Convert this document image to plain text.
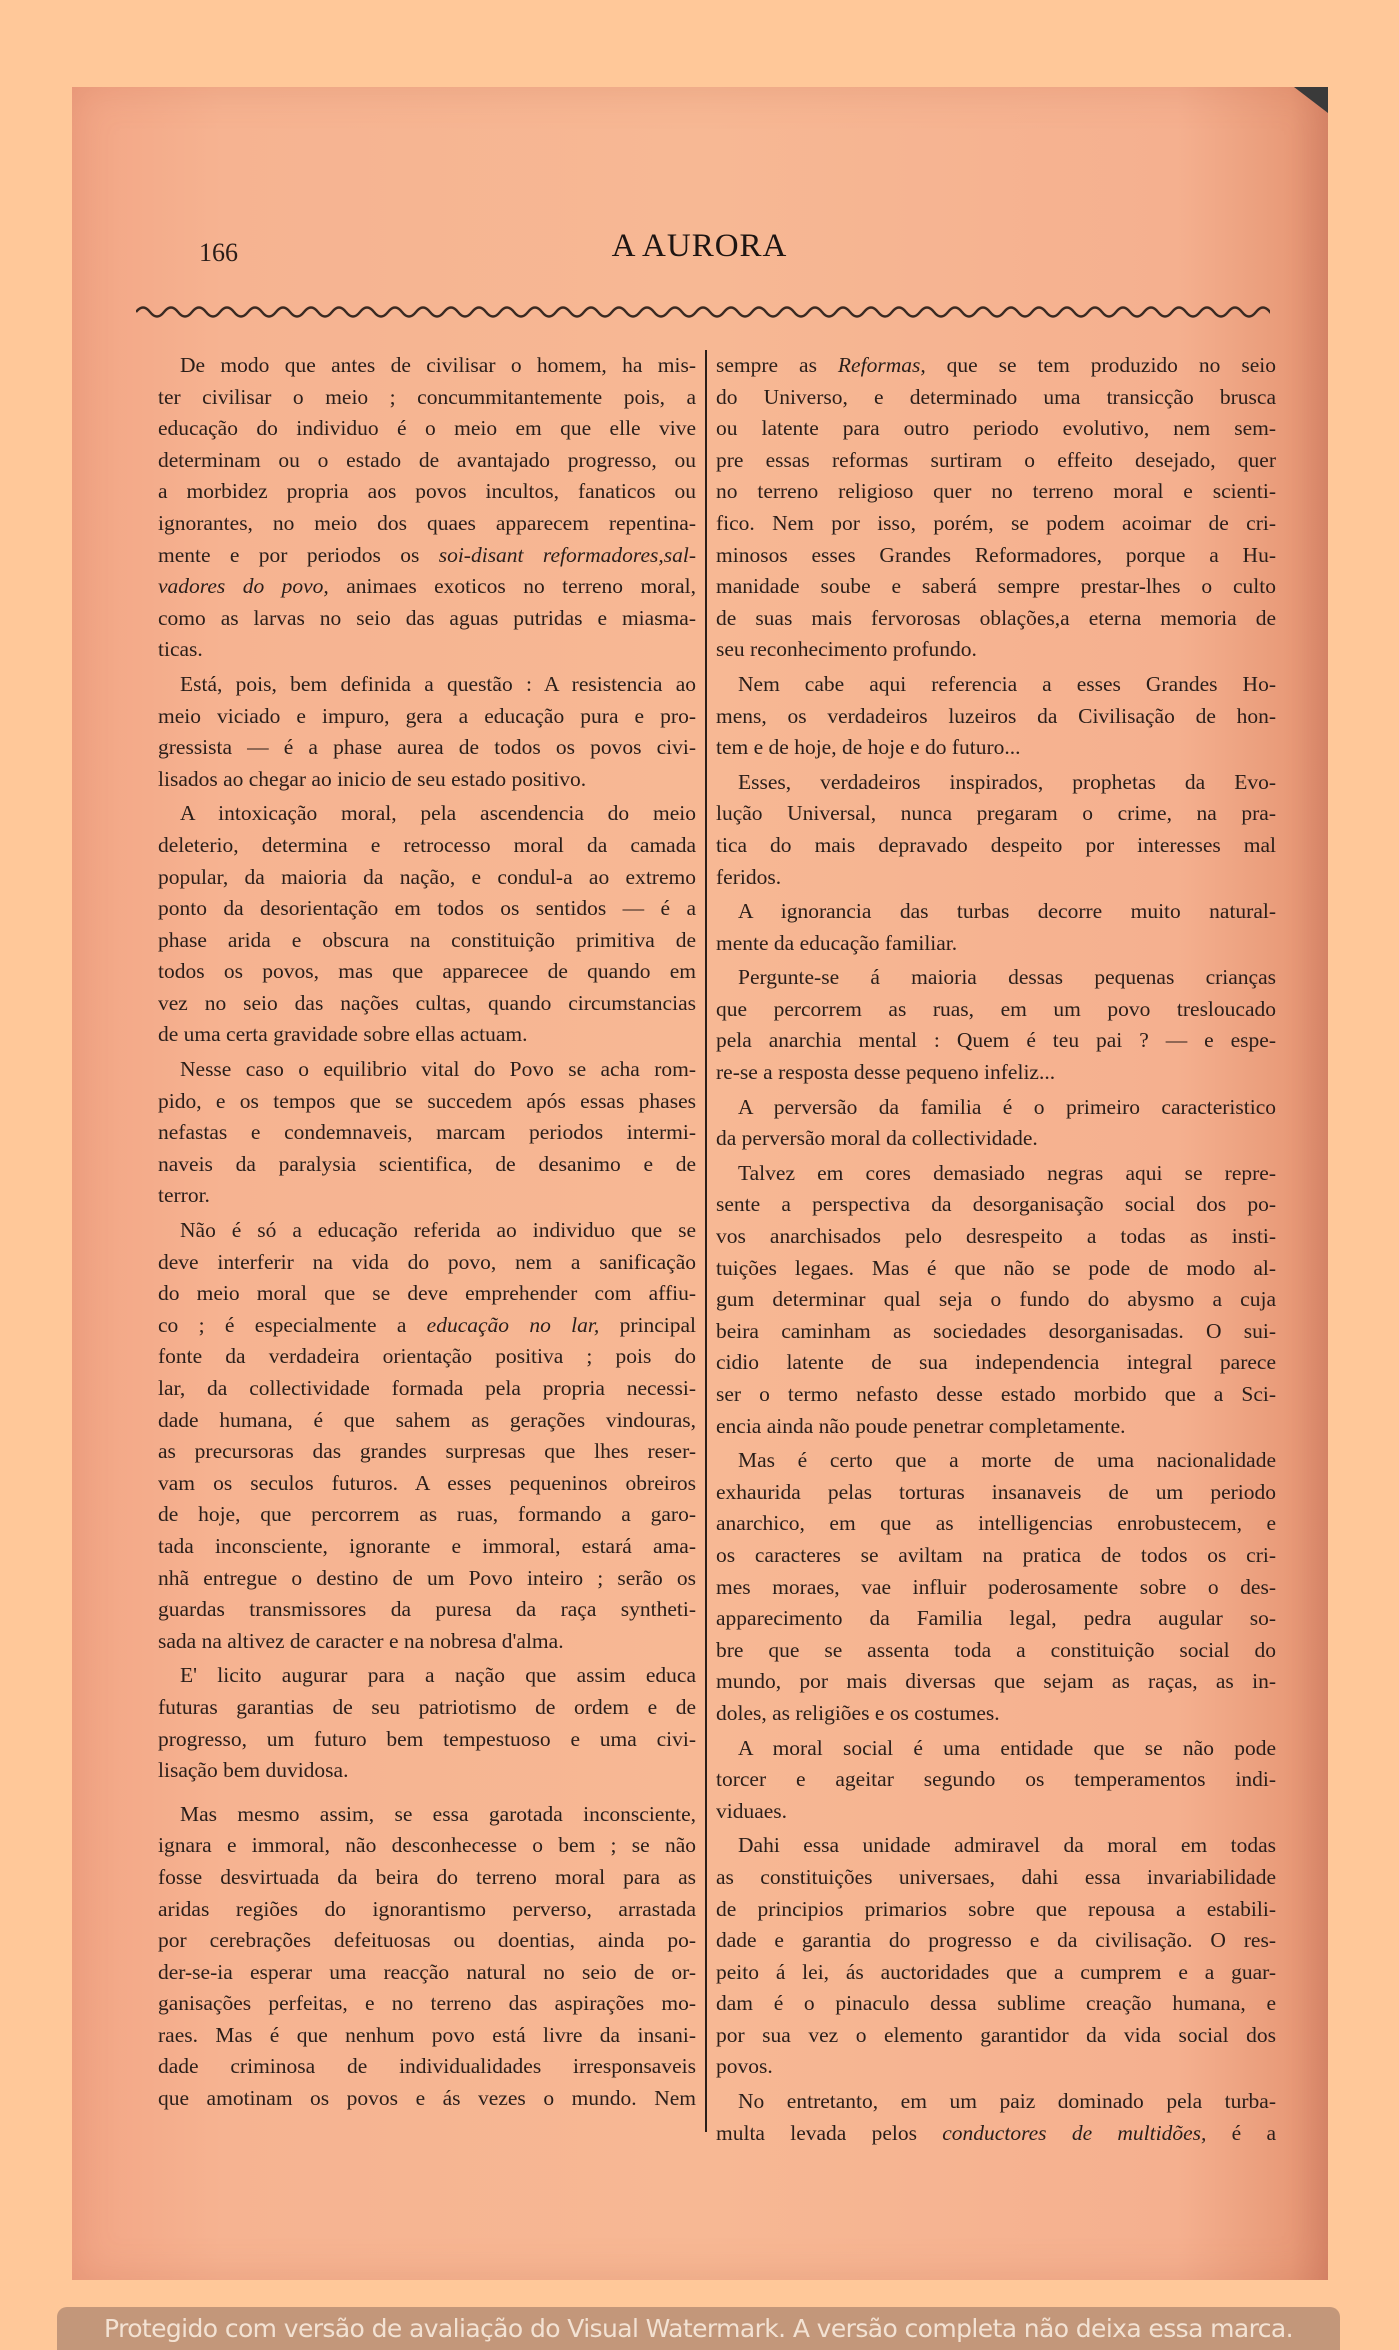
166	A AURORA
De modo que antes de civilisar o homem, ha mis-
ter civilisar o meio ; concummitantemente pois, a
educação do individuo é o meio em que elle vive
determinam ou o estado de avantajado progresso, ou
a morbidez propria aos povos incultos, fanaticos ou
ignorantes, no meio dos quaes apparecem repentina-
mente e por periodos os soi-disant reformadores,sal-
vadores do povo, animaes exoticos no terreno moral,
como as larvas no seio das aguas putridas e miasma-
ticas.
Está, pois, bem definida a questão : A resistencia ao
meio viciado e impuro, gera a educação pura e pro-
gressista — é a phase aurea de todos os povos civi-
lisados ao chegar ao inicio de seu estado positivo.
A intoxicação moral, pela ascendencia do meio
deleterio, determina e retrocesso moral da camada
popular, da maioria da nação, e condul-a ao extremo
ponto da desorientação em todos os sentidos — é a
phase arida e obscura na constituição primitiva de
todos os povos, mas que apparecee de quando em
vez no seio das nações cultas, quando circumstancias
de uma certa gravidade sobre ellas actuam.
Nesse caso o equilibrio vital do Povo se acha rom-
pido, e os tempos que se succedem após essas phases
nefastas e condemnaveis, marcam periodos intermi-
naveis da paralysia scientifica, de desanimo e de
terror.
Não é só a educação referida ao individuo que se
deve interferir na vida do povo, nem a sanificação
do meio moral que se deve emprehender com affiu-
co ; é especialmente a educação no lar, principal
fonte da verdadeira orientação positiva ; pois do
lar, da collectividade formada pela propria necessi-
dade humana, é que sahem as gerações vindouras,
as precursoras das grandes surpresas que lhes reser-
vam os seculos futuros. A esses pequeninos obreiros
de hoje, que percorrem as ruas, formando a garo-
tada inconsciente, ignorante e immoral, estará ama-
nhã entregue o destino de um Povo inteiro ; serão os
guardas transmissores da puresa da raça syntheti-
sada na altivez de caracter e na nobresa d'alma.
E' licito augurar para a nação que assim educa
futuras garantias de seu patriotismo de ordem e de
progresso, um futuro bem tempestuoso e uma civi-
lisação bem duvidosa.
Mas mesmo assim, se essa garotada inconsciente,
ignara e immoral, não desconhecesse o bem ; se não
fosse desvirtuada da beira do terreno moral para as
aridas regiões do ignorantismo perverso, arrastada
por cerebrações defeituosas ou doentias, ainda po-
der-se-ia esperar uma reacção natural no seio de or-
ganisações perfeitas, e no terreno das aspirações mo-
raes. Mas é que nenhum povo está livre da insani-
dade criminosa de individualidades irresponsaveis
que amotinam os povos e ás vezes o mundo. Nem
sempre as Reformas, que se tem produzido no seio
do Universo, e determinado uma transicção brusca
ou latente para outro periodo evolutivo, nem sem-
pre essas reformas surtiram o effeito desejado, quer
no terreno religioso quer no terreno moral e scienti-
fico. Nem por isso, porém, se podem acoimar de cri-
minosos esses Grandes Reformadores, porque a Hu-
manidade soube e saberá sempre prestar-lhes o culto
de suas mais fervorosas oblações,a eterna memoria de
seu reconhecimento profundo.
Nem cabe aqui referencia a esses Grandes Ho-
mens, os verdadeiros luzeiros da Civilisação de hon-
tem e de hoje, de hoje e do futuro...
Esses, verdadeiros inspirados, prophetas da Evo-
lução Universal, nunca pregaram o crime, na pra-
tica do mais depravado despeito por interesses mal
feridos.
A ignorancia das turbas decorre muito natural-
mente da educação familiar.
Pergunte-se á maioria dessas pequenas crianças
que percorrem as ruas, em um povo tresloucado
pela anarchia mental : Quem é teu pai ? — e espe-
re-se a resposta desse pequeno infeliz...
A perversão da familia é o primeiro caracteristico
da perversão moral da collectividade.
Talvez em cores demasiado negras aqui se repre-
sente a perspectiva da desorganisação social dos po-
vos anarchisados pelo desrespeito a todas as insti-
tuições legaes. Mas é que não se pode de modo al-
gum determinar qual seja o fundo do abysmo a cuja
beira caminham as sociedades desorganisadas. O sui-
cidio latente de sua independencia integral parece
ser o termo nefasto desse estado morbido que a Sci-
encia ainda não poude penetrar completamente.
Mas é certo que a morte de uma nacionalidade
exhaurida pelas torturas insanaveis de um periodo
anarchico, em que as intelligencias enrobustecem, e
os caracteres se aviltam na pratica de todos os cri-
mes moraes, vae influir poderosamente sobre o des-
apparecimento da Familia legal, pedra augular so-
bre que se assenta toda a constituição social do
mundo, por mais diversas que sejam as raças, as in-
doles, as religiões e os costumes.
A moral social é uma entidade que se não pode
torcer e ageitar segundo os temperamentos indi-
viduaes.
Dahi essa unidade admiravel da moral em todas
as constituições universaes, dahi essa invariabilidade
de principios primarios sobre que repousa a estabili-
dade e garantia do progresso e da civilisação. O res-
peito á lei, ás auctoridades que a cumprem e a guar-
dam é o pinaculo dessa sublime creação humana, e
por sua vez o elemento garantidor da vida social dos
povos.
No entretanto, em um paiz dominado pela turba-
multa levada pelos conductores de multidões, é a
Protegido com versão de avaliação do Visual Watermark. A versão completa não deixa essa marca.
